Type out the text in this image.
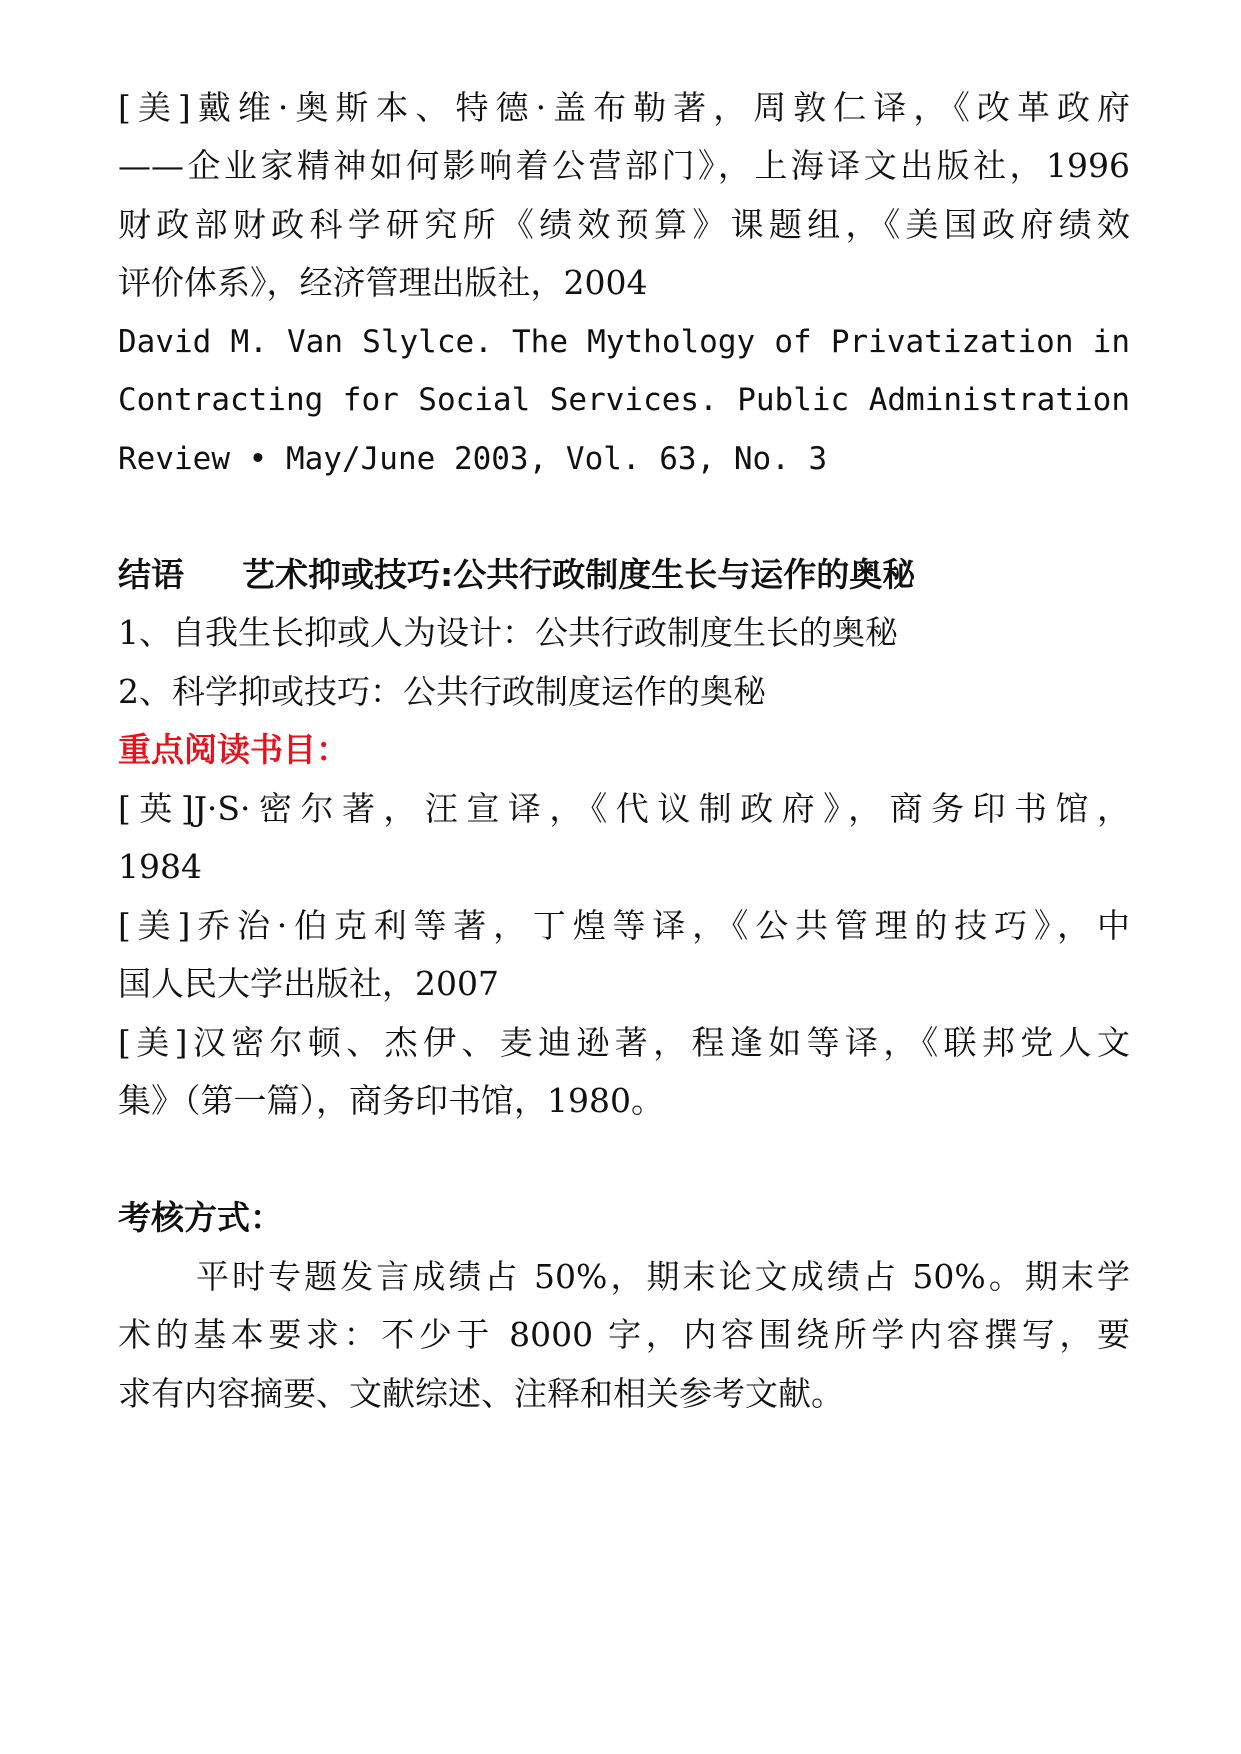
[美]戴维·奥斯本、特德·盖布勒著，周敦仁译，《改革政府
——企业家精神如何影响着公营部门》，上海译文出版社，1996
财政部财政科学研究所《绩效预算》课题组，《美国政府绩效
评价体系》，经济管理出版社，2004
David M. Van Slylce. The Mythology of Privatization in
Contracting for Social Services. Public Administration
Review • May/June 2003, Vol. 63, No. 3
结语 艺术抑或技巧:公共行政制度生长与运作的奥秘
1、自我生长抑或人为设计：公共行政制度生长的奥秘
2、科学抑或技巧：公共行政制度运作的奥秘
重点阅读书目：
[英]J·S·密尔著，汪宣译，《代议制政府》，商务印书馆，
1984
[美]乔治·伯克利等著，丁煌等译，《公共管理的技巧》，中
国人民大学出版社，2007
[美]汉密尔顿、杰伊、麦迪逊著，程逢如等译，《联邦党人文
集》（第一篇），商务印书馆，1980。
考核方式：
平时专题发言成绩占 50%，期末论文成绩占 50%。期末学
术的基本要求：不少于 8000 字，内容围绕所学内容撰写，要
求有内容摘要、文献综述、注释和相关参考文献。
